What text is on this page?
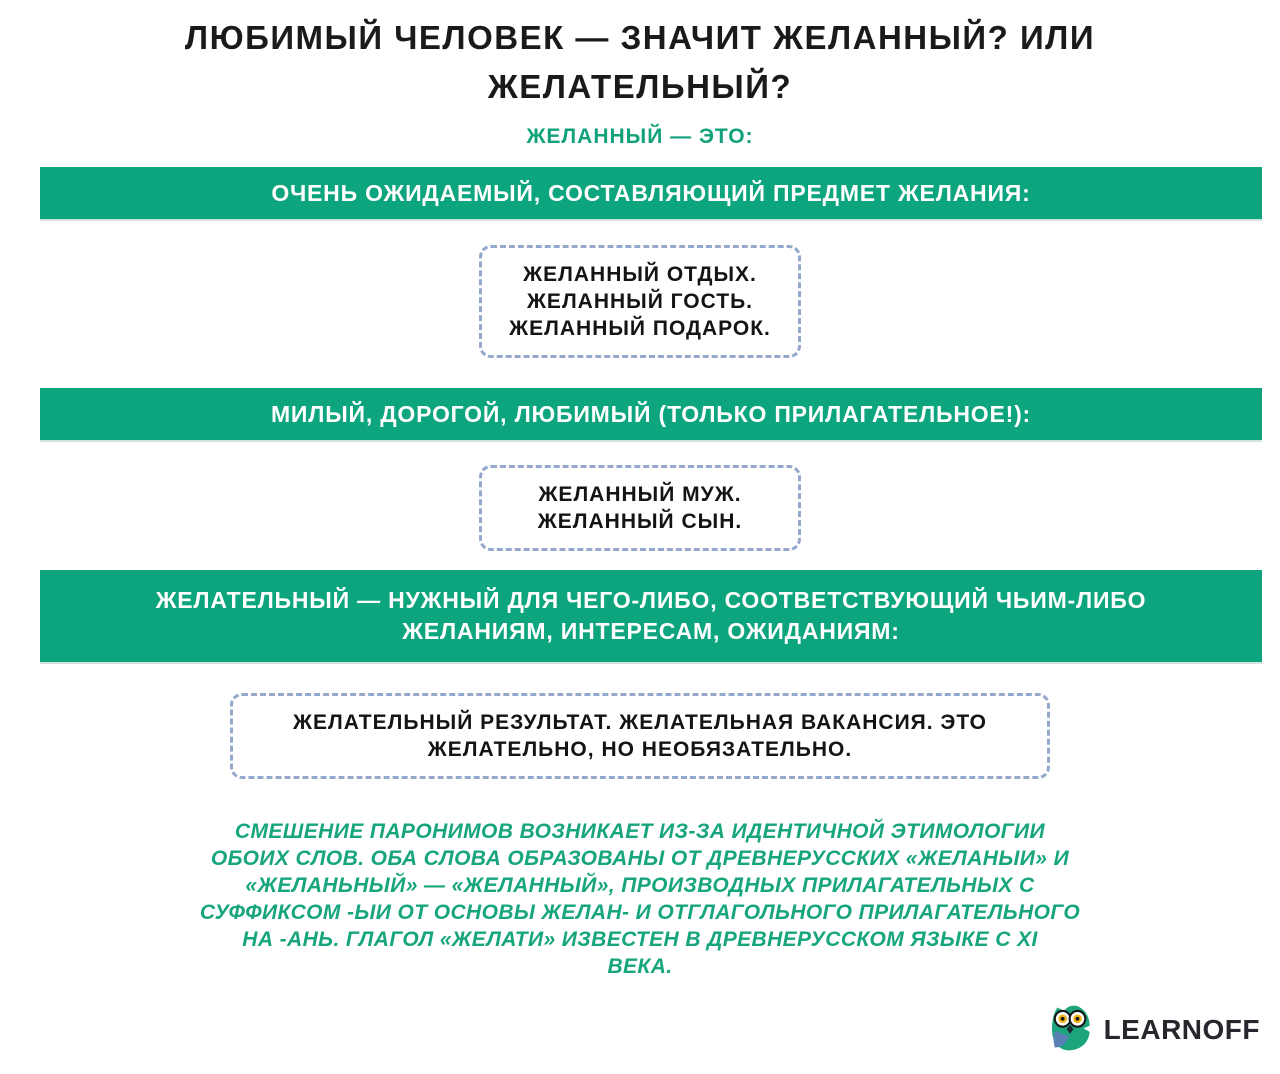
ЛЮБИМЫЙ ЧЕЛОВЕК — ЗНАЧИТ ЖЕЛАННЫЙ? ИЛИ
ЖЕЛАТЕЛЬНЫЙ?
ЖЕЛАННЫЙ — ЭТО:
ОЧЕНЬ ОЖИДАЕМЫЙ, СОСТАВЛЯЮЩИЙ ПРЕДМЕТ ЖЕЛАНИЯ:
ЖЕЛАННЫЙ ОТДЫХ.
ЖЕЛАННЫЙ ГОСТЬ.
ЖЕЛАННЫЙ ПОДАРОК.
МИЛЫЙ, ДОРОГОЙ, ЛЮБИМЫЙ (ТОЛЬКО ПРИЛАГАТЕЛЬНОЕ!):
ЖЕЛАННЫЙ МУЖ.
ЖЕЛАННЫЙ СЫН.
ЖЕЛАТЕЛЬНЫЙ — НУЖНЫЙ ДЛЯ ЧЕГО-ЛИБО, СООТВЕТСТВУЮЩИЙ ЧЬИМ-ЛИБО
ЖЕЛАНИЯМ, ИНТЕРЕСАМ, ОЖИДАНИЯМ:
ЖЕЛАТЕЛЬНЫЙ РЕЗУЛЬТАТ. ЖЕЛАТЕЛЬНАЯ ВАКАНСИЯ. ЭТО
ЖЕЛАТЕЛЬНО, НО НЕОБЯЗАТЕЛЬНО.
СМЕШЕНИЕ ПАРОНИМОВ ВОЗНИКАЕТ ИЗ-ЗА ИДЕНТИЧНОЙ ЭТИМОЛОГИИ
ОБОИХ СЛОВ. ОБА СЛОВА ОБРАЗОВАНЫ ОТ ДРЕВНЕРУССКИХ «ЖЕЛАНЫИ» И
«ЖЕЛАНЬНЫЙ» — «ЖЕЛАННЫЙ», ПРОИЗВОДНЫХ ПРИЛАГАТЕЛЬНЫХ С
СУФФИКСОМ -ЫИ ОТ ОСНОВЫ ЖЕЛАН- И ОТГЛАГОЛЬНОГО ПРИЛАГАТЕЛЬНОГО
НА -АНЬ. ГЛАГОЛ «ЖЕЛАТИ» ИЗВЕСТЕН В ДРЕВНЕРУССКОМ ЯЗЫКЕ С XI
ВЕКА.
LEARNOFF
